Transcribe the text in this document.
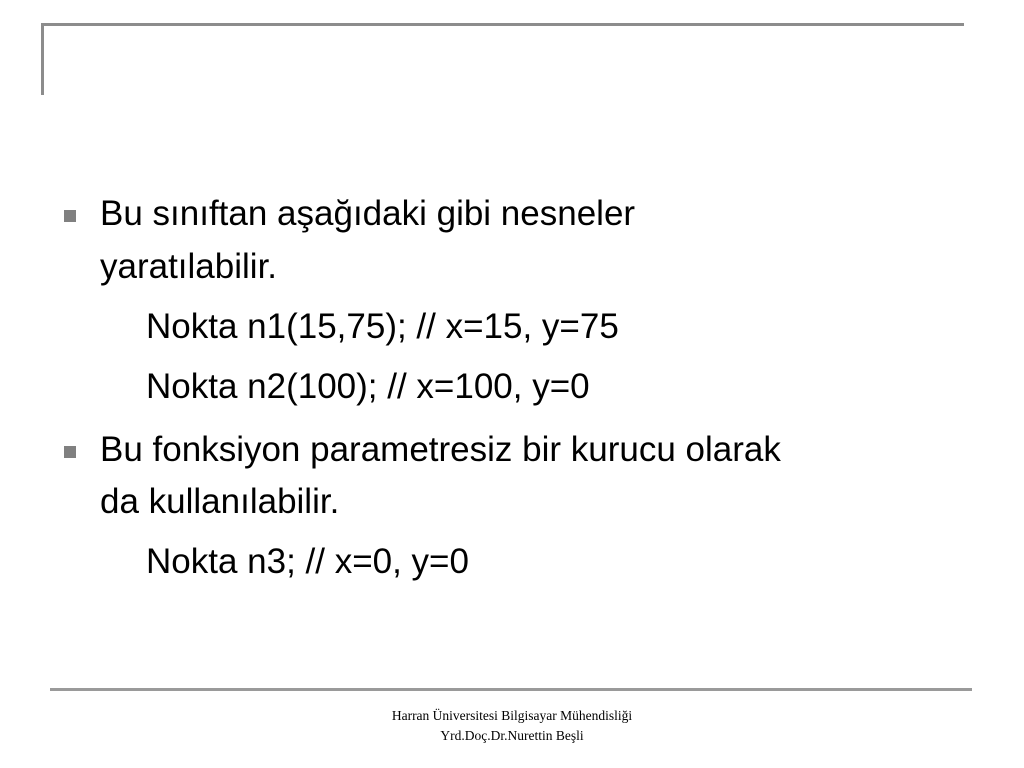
Bu sınıftan aşağıdaki gibi nesneler
yaratılabilir.
Nokta n1(15,75); // x=15, y=75
Nokta n2(100); // x=100, y=0
Bu fonksiyon parametresiz bir kurucu olarak
da kullanılabilir.
Nokta n3; // x=0, y=0
Harran Üniversitesi Bilgisayar Mühendisliği
Yrd.Doç.Dr.Nurettin Beşli
